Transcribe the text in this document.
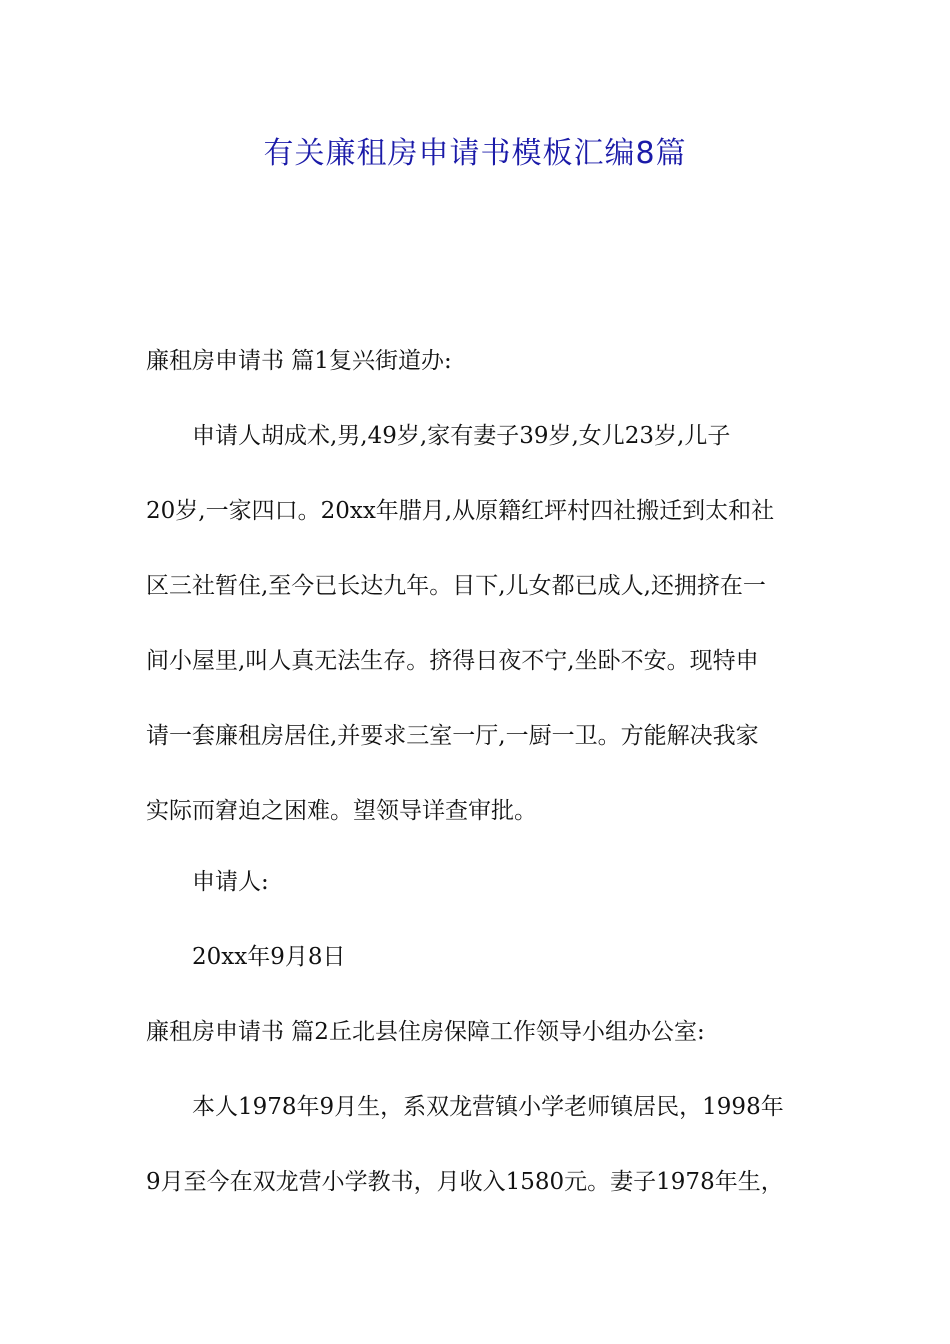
有关廉租房申请书模板汇编8篇

廉租房申请书 篇1复兴街道办:

申请人胡成术,男,49岁,家有妻子39岁,女儿23岁,儿子
20岁,一家四口。20xx年腊月,从原籍红坪村四社搬迁到太和社
区三社暂住,至今已长达九年。目下,儿女都已成人,还拥挤在一
间小屋里,叫人真无法生存。挤得日夜不宁,坐卧不安。现特申
请一套廉租房居住,并要求三室一厅,一厨一卫。方能解决我家
实际而窘迫之困难。望领导详查审批。

申请人:

20xx年9月8日

廉租房申请书 篇2丘北县住房保障工作领导小组办公室:

本人1978年9月生，系双龙营镇小学老师镇居民，1998年
9月至今在双龙营小学教书，月收入1580元。妻子1978年生，
